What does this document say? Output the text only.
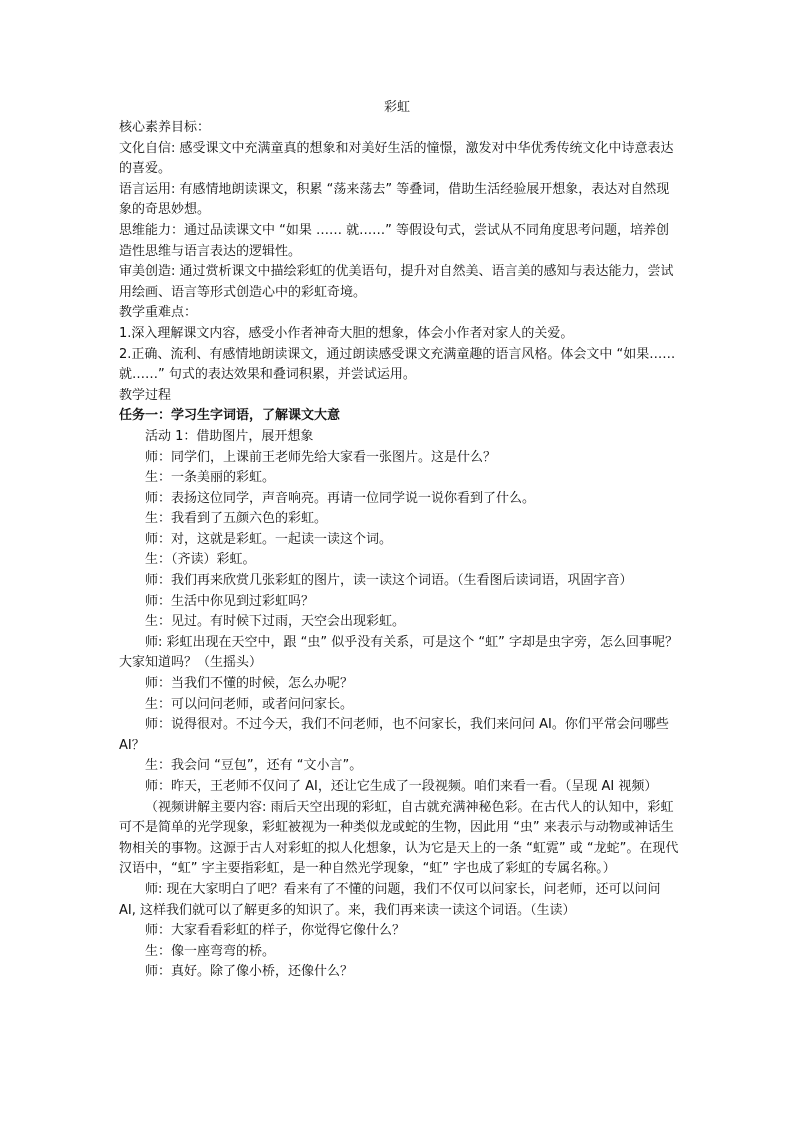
彩虹

核心素养目标：

文化自信: 感受课文中充满童真的想象和对美好生活的憧憬，激发对中华优秀传统文化中诗意表达的喜爱。

语言运用: 有感情地朗读课文，积累 “荡来荡去” 等叠词，借助生活经验展开想象，表达对自然现象的奇思妙想。

思维能力：通过品读课文中 “如果 …… 就……” 等假设句式，尝试从不同角度思考问题，培养创造性思维与语言表达的逻辑性。

审美创造: 通过赏析课文中描绘彩虹的优美语句，提升对自然美、语言美的感知与表达能力，尝试用绘画、语言等形式创造心中的彩虹奇境。

教学重难点：

1.深入理解课文内容，感受小作者神奇大胆的想象，体会小作者对家人的关爱。

2.正确、流利、有感情地朗读课文，通过朗读感受课文充满童趣的语言风格。体会文中 “如果……就……” 句式的表达效果和叠词积累，并尝试运用。

教学过程

任务一：学习生字词语，了解课文大意

活动 1：借助图片，展开想象

师：同学们，上课前王老师先给大家看一张图片。这是什么？

生：一条美丽的彩虹。

师：表扬这位同学，声音响亮。再请一位同学说一说你看到了什么。

生：我看到了五颜六色的彩虹。

师：对，这就是彩虹。一起读一读这个词。

生：（齐读）彩虹。

师：我们再来欣赏几张彩虹的图片，读一读这个词语。（生看图后读词语，巩固字音）

师：生活中你见到过彩虹吗？

生：见过。有时候下过雨，天空会出现彩虹。

师: 彩虹出现在天空中，跟 “虫” 似乎没有关系，可是这个 “虹” 字却是虫字旁，怎么回事呢？大家知道吗？（生摇头）

师：当我们不懂的时候，怎么办呢？

生：可以问问老师，或者问问家长。

师：说得很对。不过今天，我们不问老师，也不问家长，我们来问问 AI。你们平常会问哪些 AI？

生：我会问 “豆包”，还有 “文小言”。

师：昨天，王老师不仅问了 AI，还让它生成了一段视频。咱们来看一看。（呈现 AI 视频）

（视频讲解主要内容: 雨后天空出现的彩虹，自古就充满神秘色彩。在古代人的认知中，彩虹可不是简单的光学现象，彩虹被视为一种类似龙或蛇的生物，因此用 “虫” 来表示与动物或神话生物相关的事物。这源于古人对彩虹的拟人化想象，认为它是天上的一条 “虹霓” 或 “龙蛇”。在现代汉语中，“虹” 字主要指彩虹，是一种自然光学现象，“虹” 字也成了彩虹的专属名称。）

师: 现在大家明白了吧？看来有了不懂的问题，我们不仅可以问家长，问老师，还可以问问 AI, 这样我们就可以了解更多的知识了。来，我们再来读一读这个词语。（生读）

师：大家看看彩虹的样子，你觉得它像什么？

生：像一座弯弯的桥。

师：真好。除了像小桥，还像什么？
